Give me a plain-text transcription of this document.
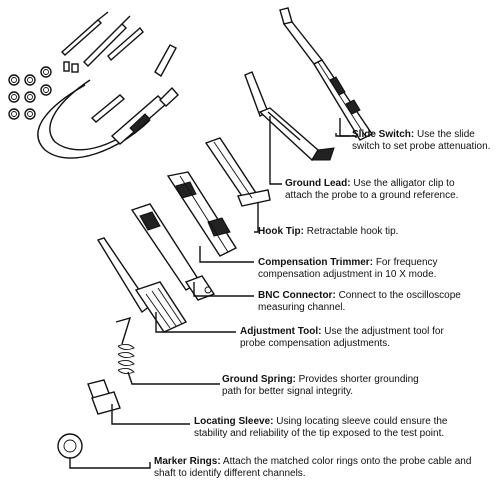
Slide Switch: Use the slide switch to set probe attenuation.
Ground Lead: Use the alligator clip to attach the probe to a ground reference.
Hook Tip: Retractable hook tip.
Compensation Trimmer: For frequency compensation adjustment in 10 X mode.
BNC Connector: Connect to the oscilloscope measuring channel.
Adjustment Tool: Use the adjustment tool for probe compensation adjustments.
Ground Spring: Provides shorter grounding path for better signal integrity.
Locating Sleeve: Using locating sleeve could ensure the stability and reliability of the tip exposed to the test point.
Marker Rings: Attach the matched color rings onto the probe cable and shaft to identify different channels.
